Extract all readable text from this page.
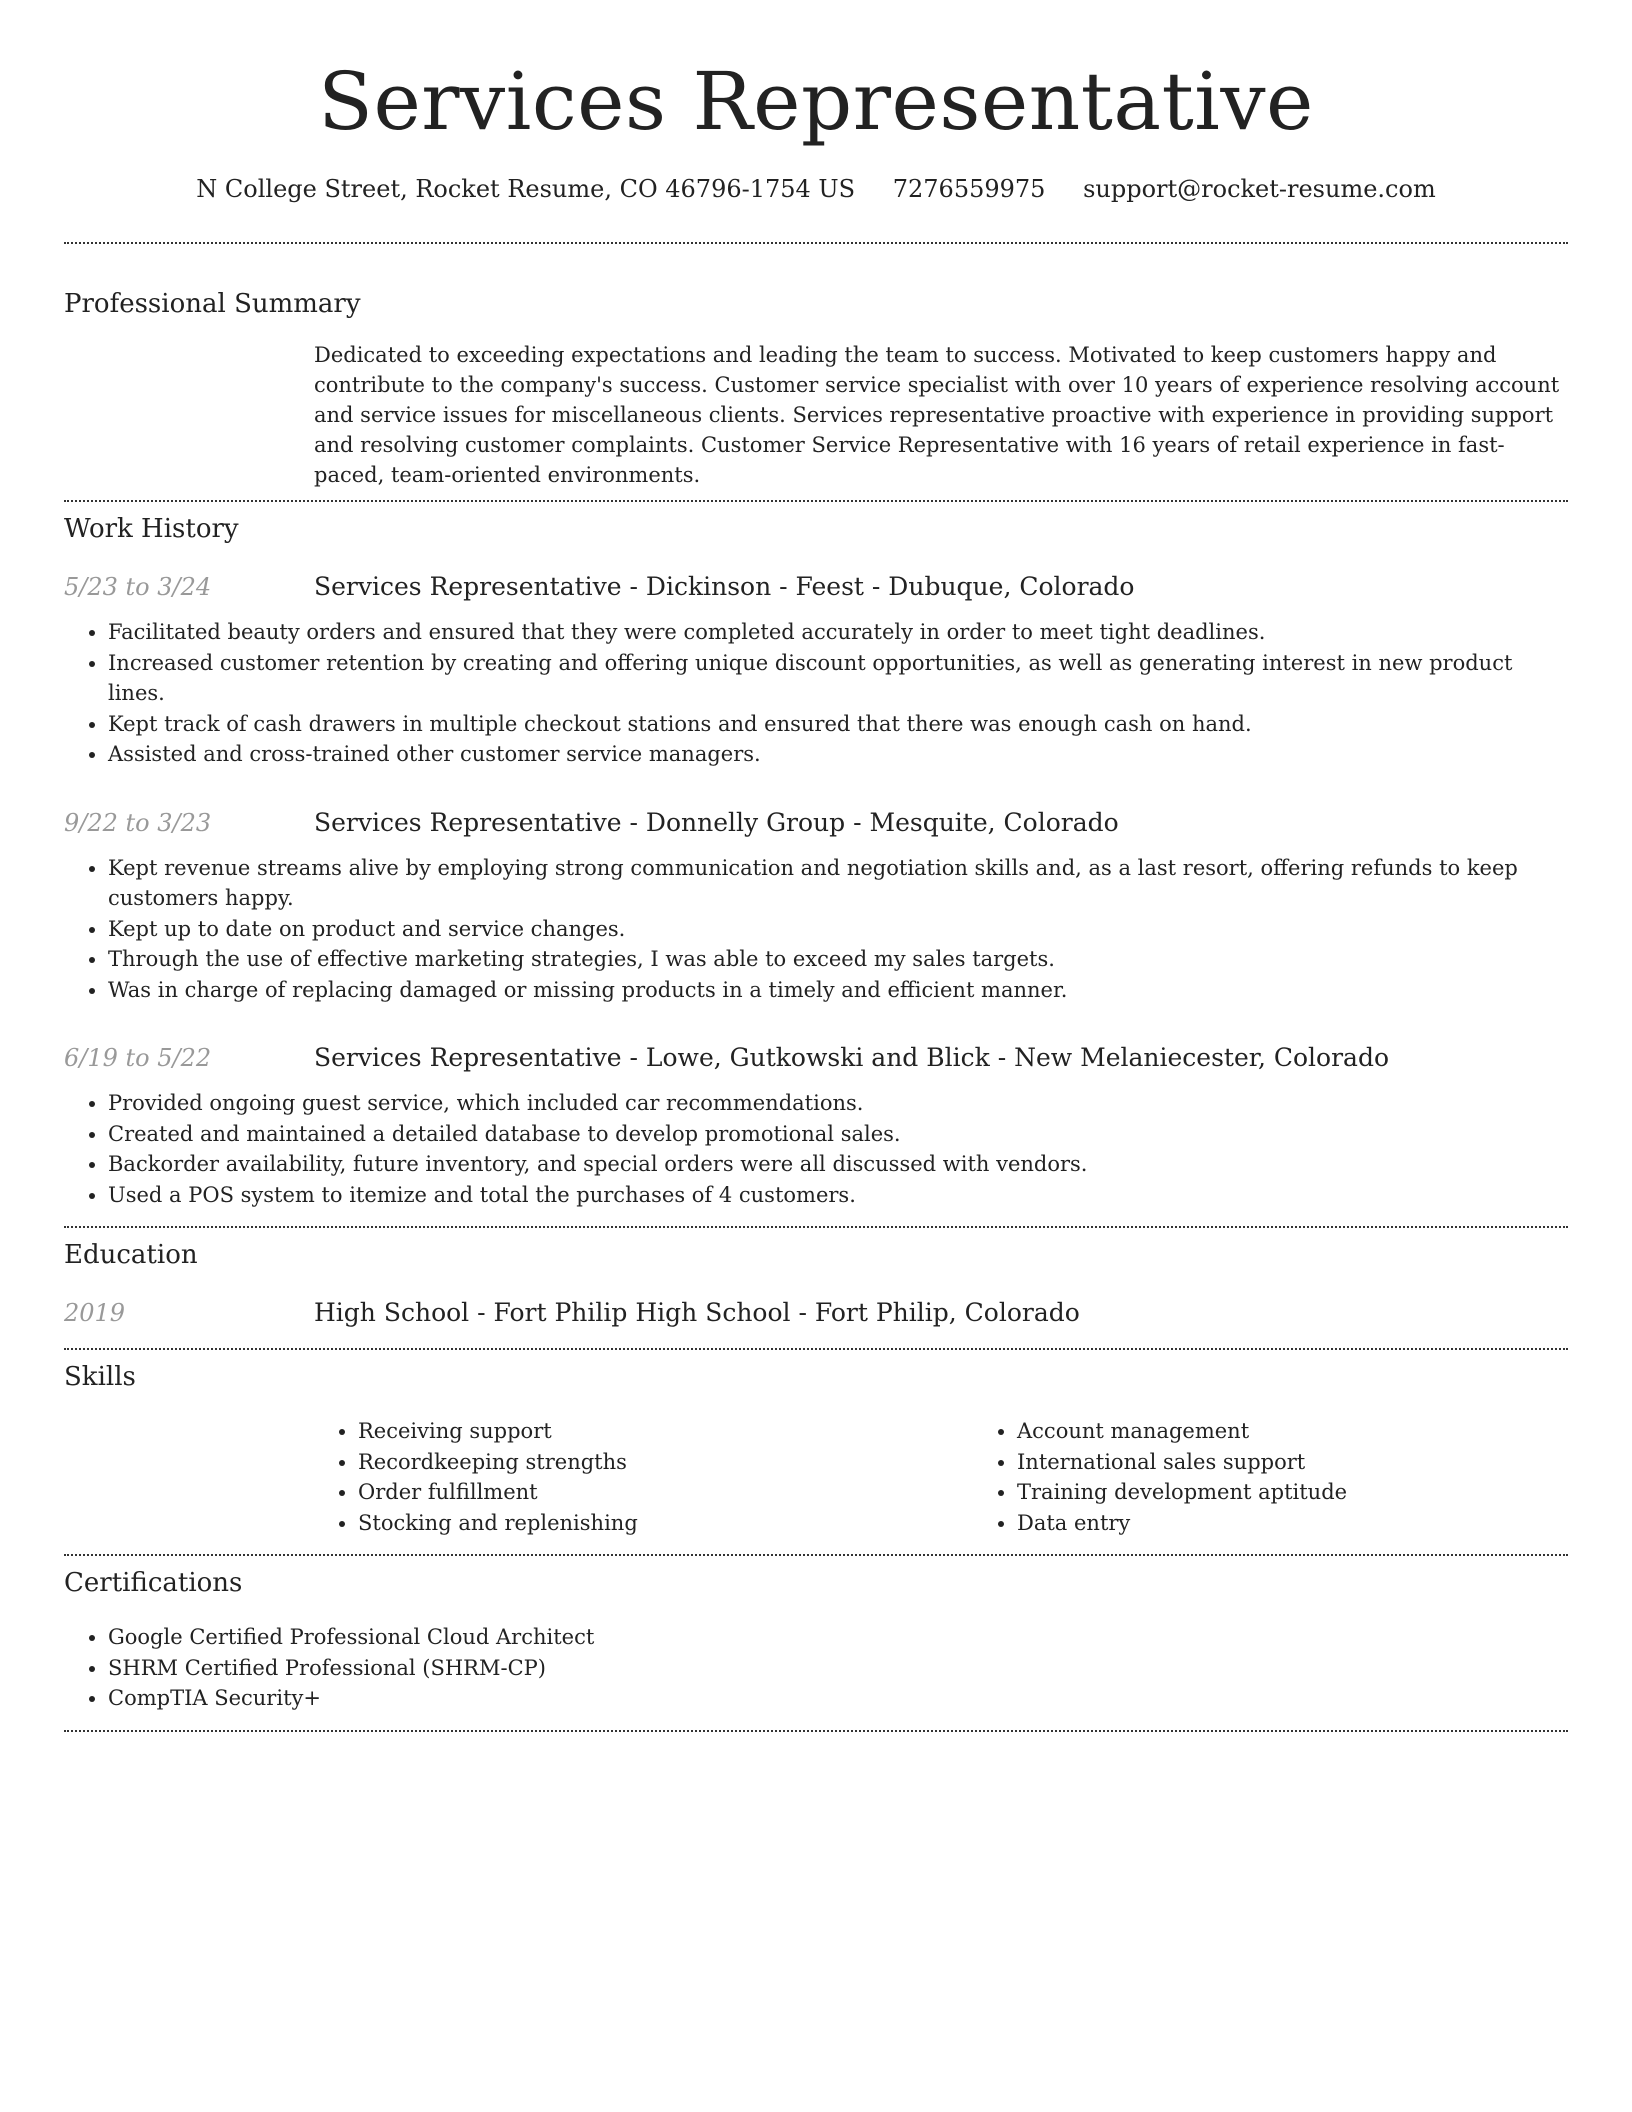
Services Representative
N College Street, Rocket Resume, CO 46796-1754 US 7276559975 support@rocket-resume.com
Professional Summary
Dedicated to exceeding expectations and leading the team to success. Motivated to keep customers happy and contribute to the company's success. Customer service specialist with over 10 years of experience resolving account and service issues for miscellaneous clients. Services representative proactive with experience in providing support and resolving customer complaints. Customer Service Representative with 16 years of retail experience in fast-paced, team-oriented environments.
Work History
5/23 to 3/24	Services Representative - Dickinson - Feest - Dubuque, Colorado
• Facilitated beauty orders and ensured that they were completed accurately in order to meet tight deadlines.
• Increased customer retention by creating and offering unique discount opportunities, as well as generating interest in new product lines.
• Kept track of cash drawers in multiple checkout stations and ensured that there was enough cash on hand.
• Assisted and cross-trained other customer service managers.
9/22 to 3/23	Services Representative - Donnelly Group - Mesquite, Colorado
• Kept revenue streams alive by employing strong communication and negotiation skills and, as a last resort, offering refunds to keep customers happy.
• Kept up to date on product and service changes.
• Through the use of effective marketing strategies, I was able to exceed my sales targets.
• Was in charge of replacing damaged or missing products in a timely and efficient manner.
6/19 to 5/22	Services Representative - Lowe, Gutkowski and Blick - New Melaniecester, Colorado
• Provided ongoing guest service, which included car recommendations.
• Created and maintained a detailed database to develop promotional sales.
• Backorder availability, future inventory, and special orders were all discussed with vendors.
• Used a POS system to itemize and total the purchases of 4 customers.
Education
2019	High School - Fort Philip High School - Fort Philip, Colorado
Skills
• Receiving support
• Recordkeeping strengths
• Order fulfillment
• Stocking and replenishing
• Account management
• International sales support
• Training development aptitude
• Data entry
Certifications
• Google Certified Professional Cloud Architect
• SHRM Certified Professional (SHRM-CP)
• CompTIA Security+
